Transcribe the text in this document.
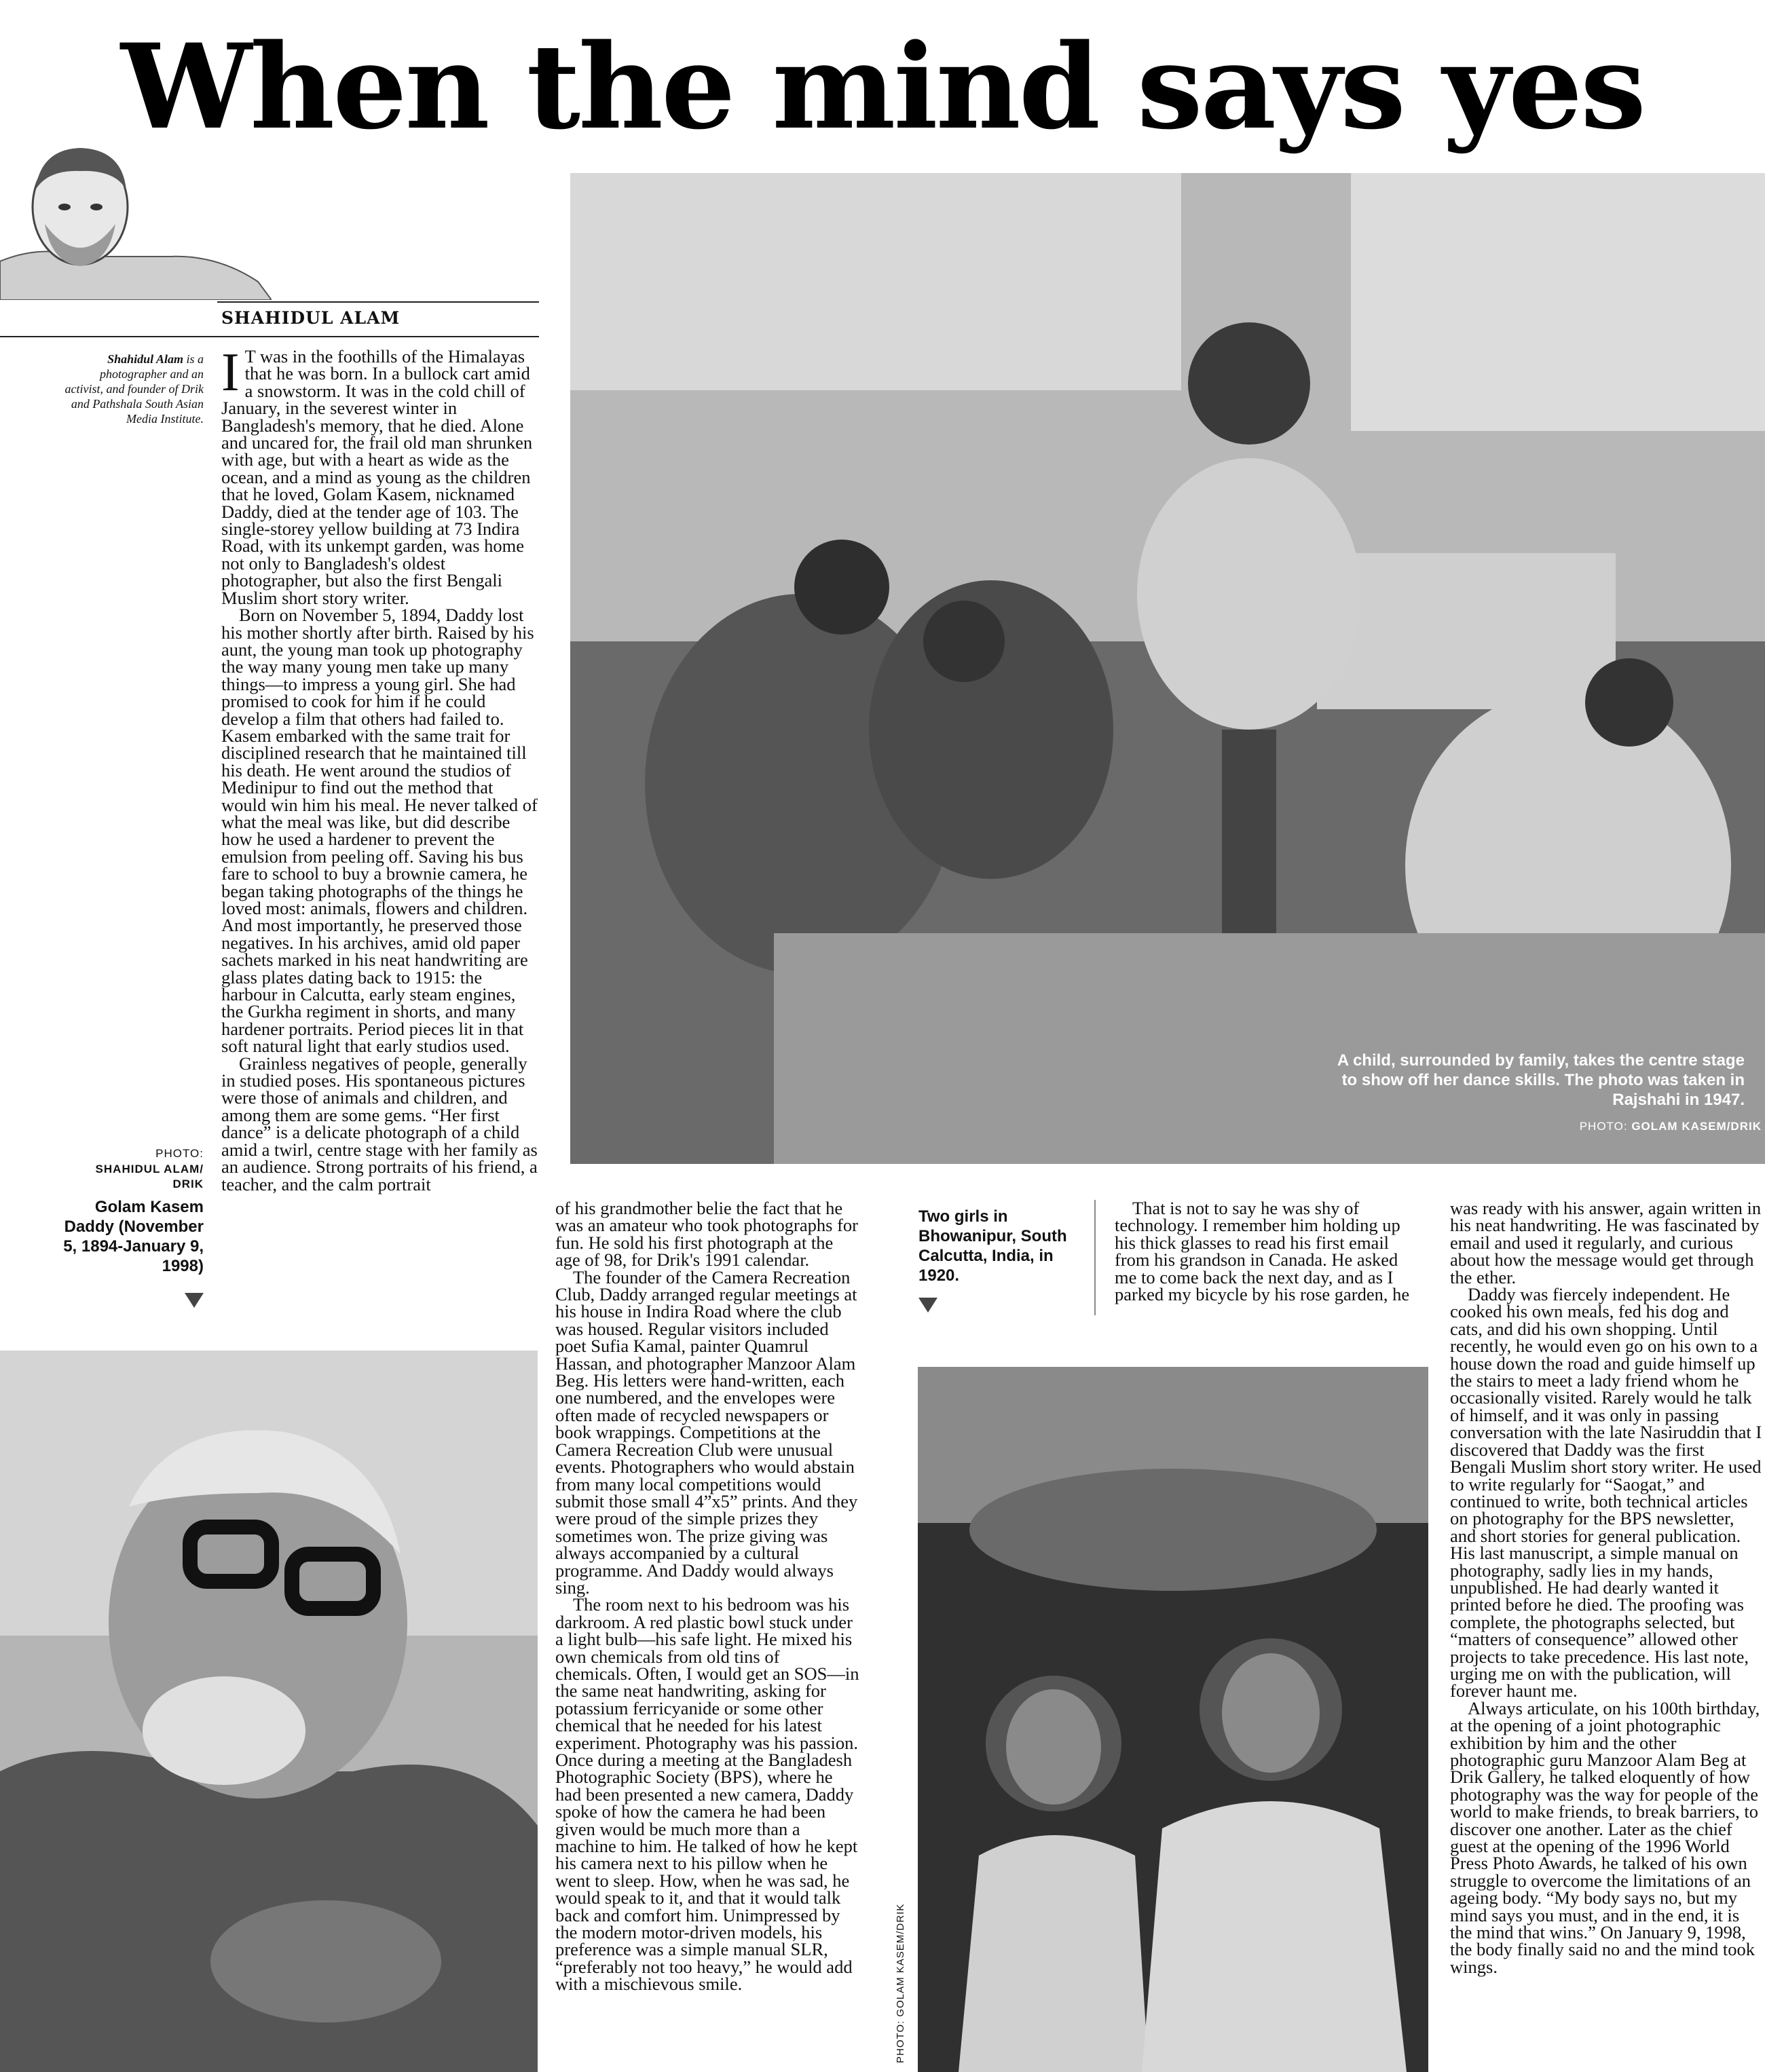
When the mind says yes
SHAHIDUL ALAM
Shahidul Alam is a photographer and an activist, and founder of Drik and Pathshala South Asian Media Institute.

I T was in the foothills of the Himalayas that he was born. In a bullock cart amid a snowstorm. It was in the cold chill of January, in the severest winter in Bangladesh's memory, that he died. Alone and uncared for, the frail old man shrunken with age, but with a heart as wide as the ocean, and a mind as young as the children that he loved, Golam Kasem, nicknamed Daddy, died at the tender age of 103. The single-storey yellow building at 73 Indira Road, with its unkempt garden, was home not only to Bangladesh's oldest photographer, but also the first Bengali Muslim short story writer.

Born on November 5, 1894, Daddy lost his mother shortly after birth. Raised by his aunt, the young man took up photography the way many young men take up many things—to impress a young girl. She had promised to cook for him if he could develop a film that others had failed to. Kasem embarked with the same trait for disciplined research that he maintained till his death. He went around the studios of Medinipur to find out the method that would win him his meal. He never talked of what the meal was like, but did describe how he used a hardener to prevent the emulsion from peeling off. Saving his bus fare to school to buy a brownie camera, he began taking photographs of the things he loved most: animals, flowers and children. And most importantly, he preserved those negatives. In his archives, amid old paper sachets marked in his neat handwriting are glass plates dating back to 1915: the harbour in Calcutta, early steam engines, the Gurkha regiment in shorts, and many hardener portraits. Period pieces lit in that soft natural light that early studios used.

Grainless negatives of people, generally in studied poses. His spontaneous pictures were those of animals and children, and among them are some gems. “Her first dance” is a delicate photograph of a child amid a twirl, centre stage with her family as an audience. Strong portraits of his friend, a teacher, and the calm portrait

PHOTO:
SHAHIDUL ALAM/ DRIK
Golam Kasem Daddy (November 5, 1894-January 9, 1998)
A child, surrounded by family, takes the centre stage to show off her dance skills. The photo was taken in Rajshahi in 1947.
PHOTO: GOLAM KASEM/DRIK

of his grandmother belie the fact that he was an amateur who took photographs for fun. He sold his first photograph at the age of 98, for Drik's 1991 calendar.

The founder of the Camera Recreation Club, Daddy arranged regular meetings at his house in Indira Road where the club was housed. Regular visitors included poet Sufia Kamal, painter Quamrul Hassan, and photographer Manzoor Alam Beg. His letters were hand-written, each one numbered, and the envelopes were often made of recycled newspapers or book wrappings. Competitions at the Camera Recreation Club were unusual events. Photographers who would abstain from many local competitions would submit those small 4”x5” prints. And they were proud of the simple prizes they sometimes won. The prize giving was always accompanied by a cultural programme. And Daddy would always sing.

The room next to his bedroom was his darkroom. A red plastic bowl stuck under a light bulb—his safe light. He mixed his own chemicals from old tins of chemicals. Often, I would get an SOS—in the same neat handwriting, asking for potassium ferricyanide or some other chemical that he needed for his latest experiment. Photography was his passion. Once during a meeting at the Bangladesh Photographic Society (BPS), where he had been presented a new camera, Daddy spoke of how the camera he had been given would be much more than a machine to him. He talked of how he kept his camera next to his pillow when he went to sleep. How, when he was sad, he would speak to it, and that it would talk back and comfort him. Unimpressed by the modern motor-driven models, his preference was a simple manual SLR, “preferably not too heavy,” he would add with a mischievous smile.

Two girls in Bhowanipur, South Calcutta, India, in 1920.

That is not to say he was shy of technology. I remember him holding up his thick glasses to read his first email from his grandson in Canada. He asked me to come back the next day, and as I parked my bicycle by his rose garden, he

was ready with his answer, again written in his neat handwriting. He was fascinated by email and used it regularly, and curious about how the message would get through the ether.

Daddy was fiercely independent. He cooked his own meals, fed his dog and cats, and did his own shopping. Until recently, he would even go on his own to a house down the road and guide himself up the stairs to meet a lady friend whom he occasionally visited. Rarely would he talk of himself, and it was only in passing conversation with the late Nasiruddin that I discovered that Daddy was the first Bengali Muslim short story writer. He used to write regularly for “Saogat,” and continued to write, both technical articles on photography for the BPS newsletter, and short stories for general publication. His last manuscript, a simple manual on photography, sadly lies in my hands, unpublished. He had dearly wanted it printed before he died. The proofing was complete, the photographs selected, but “matters of consequence” allowed other projects to take precedence. His last note, urging me on with the publication, will forever haunt me.

Always articulate, on his 100th birthday, at the opening of a joint photographic exhibition by him and the other photographic guru Manzoor Alam Beg at Drik Gallery, he talked eloquently of how photography was the way for people of the world to make friends, to break barriers, to discover one another. Later as the chief guest at the opening of the 1996 World Press Photo Awards, he talked of his own struggle to overcome the limitations of an ageing body. “My body says no, but my mind says you must, and in the end, it is the mind that wins.” On January 9, 1998, the body finally said no and the mind took wings.

PHOTO: GOLAM KASEM/DRIK
